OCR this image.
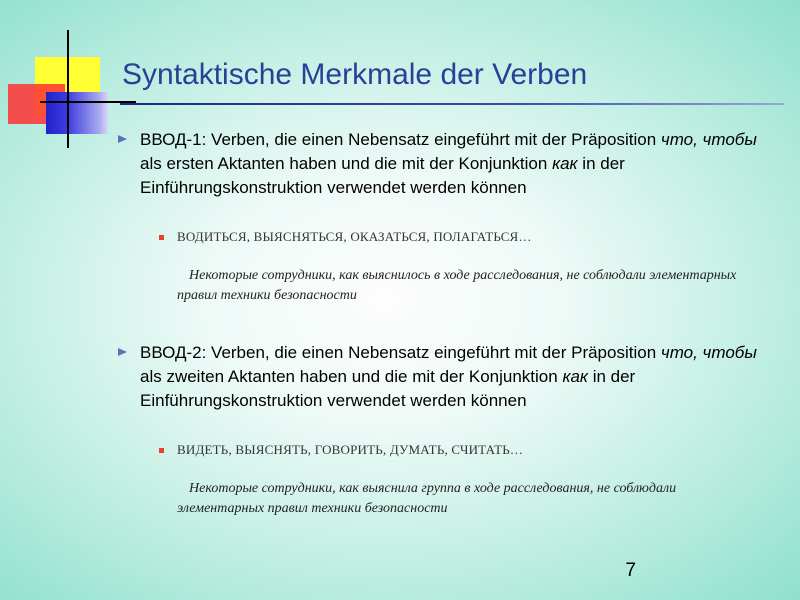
Syntaktische Merkmale der Verben
ВВОД-1: Verben, die einen Nebensatz eingeführt mit der Präposition что, чтобы als ersten Aktanten haben und die mit der Konjunktion как in der Einführungskonstruktion verwendet werden können
ВОДИТЬСЯ, ВЫЯСНЯТЬСЯ, ОКАЗАТЬСЯ, ПОЛАГАТЬСЯ…
Некоторые сотрудники, как выяснилось в ходе расследования, не соблюдали элементарных правил техники безопасности
ВВОД-2: Verben, die einen Nebensatz eingeführt mit der Präposition что, чтобы als zweiten Aktanten haben und die mit der Konjunktion как in der Einführungskonstruktion verwendet werden können
ВИДЕТЬ, ВЫЯСНЯТЬ, ГОВОРИТЬ, ДУМАТЬ, СЧИТАТЬ…
Некоторые сотрудники, как выяснила группа в ходе расследования, не соблюдали элементарных правил техники безопасности
7
